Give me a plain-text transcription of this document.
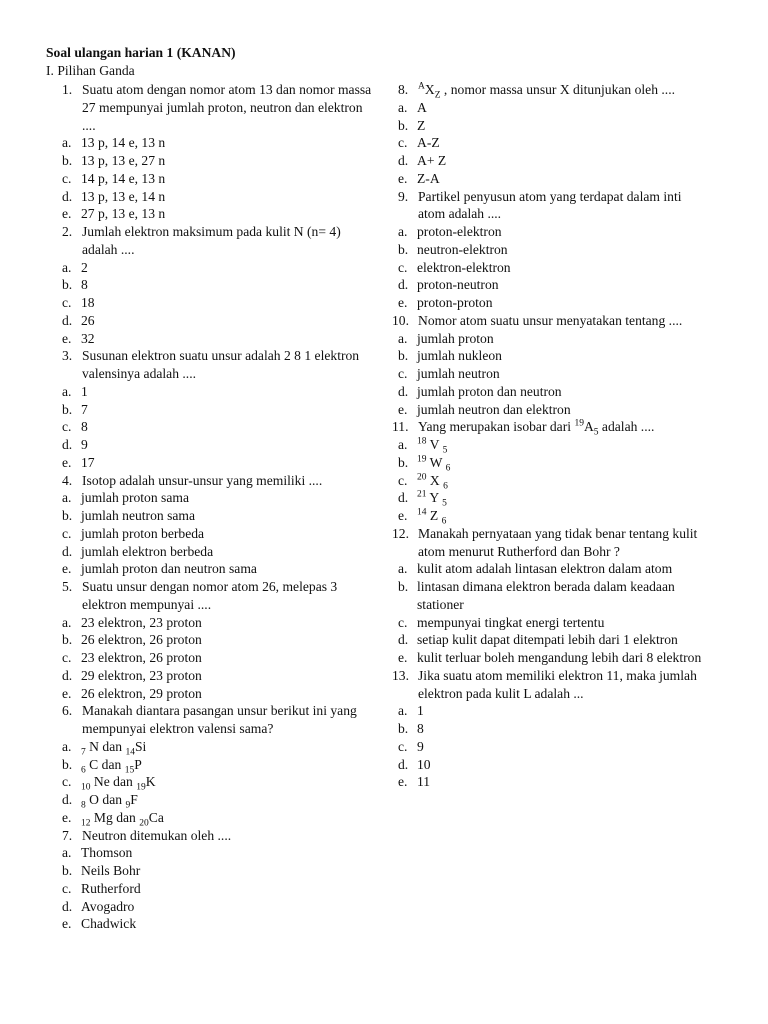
Soal ulangan harian 1 (KANAN)
I. Pilihan Ganda
1. Suatu atom dengan nomor atom 13 dan nomor massa 27 mempunyai jumlah proton, neutron dan elektron ....
a. 13 p, 14 e, 13 n
b. 13 p, 13 e, 27 n
c. 14 p, 14 e, 13 n
d. 13 p, 13 e, 14 n
e. 27 p, 13 e, 13 n
2. Jumlah elektron maksimum pada kulit N (n= 4) adalah ....
a. 2
b. 8
c. 18
d. 26
e. 32
3. Susunan elektron suatu unsur adalah 2 8 1 elektron valensinya adalah ....
a. 1
b. 7
c. 8
d. 9
e. 17
4. Isotop adalah unsur-unsur yang memiliki ....
a. jumlah proton sama
b. jumlah neutron sama
c. jumlah proton berbeda
d. jumlah elektron berbeda
e. jumlah proton dan neutron sama
5. Suatu unsur dengan nomor atom 26, melepas 3 elektron mempunyai ....
a. 23 elektron, 23 proton
b. 26 elektron, 26 proton
c. 23 elektron, 26 proton
d. 29 elektron, 23 proton
e. 26 elektron, 29 proton
6. Manakah diantara pasangan unsur berikut ini yang mempunyai elektron valensi sama?
a. $_7$ N dan $_{14}$Si
b. $_6$ C dan $_{15}$P
c. $_{10}$ Ne dan $_{19}$K
d. $_8$ O dan $_9$F
e. $_{12}$ Mg dan $_{20}$Ca
7. Neutron ditemukan oleh ....
a. Thomson
b. Neils Bohr
c. Rutherford
d. Avogadro
e. Chadwick
8. $^AX_Z$ , nomor massa unsur X ditunjukan oleh ....
a. A
b. Z
c. A-Z
d. A+ Z
e. Z-A
9. Partikel penyusun atom yang terdapat dalam inti atom adalah ....
a. proton-elektron
b. neutron-elektron
c. elektron-elektron
d. proton-neutron
e. proton-proton
10. Nomor atom suatu unsur menyatakan tentang ....
a. jumlah proton
b. jumlah nukleon
c. jumlah neutron
d. jumlah proton dan neutron
e. jumlah neutron dan elektron
11. Yang merupakan isobar dari $^{19}A_5$ adalah ....
a. $^{18}$ V $_5$
b. $^{19}$ W $_6$
c. $^{20}$ X $_6$
d. $^{21}$ Y $_5$
e. $^{14}$ Z $_6$
12. Manakah pernyataan yang tidak benar tentang kulit atom menurut Rutherford dan Bohr ?
a. kulit atom adalah lintasan elektron dalam atom
b. lintasan dimana elektron berada dalam keadaan stationer
c. mempunyai tingkat energi tertentu
d. setiap kulit dapat ditempati lebih dari 1 elektron
e. kulit terluar boleh mengandung lebih dari 8 elektron
13. Jika suatu atom memiliki elektron 11, maka jumlah elektron pada kulit L adalah ...
a. 1
b. 8
c. 9
d. 10
e. 11
